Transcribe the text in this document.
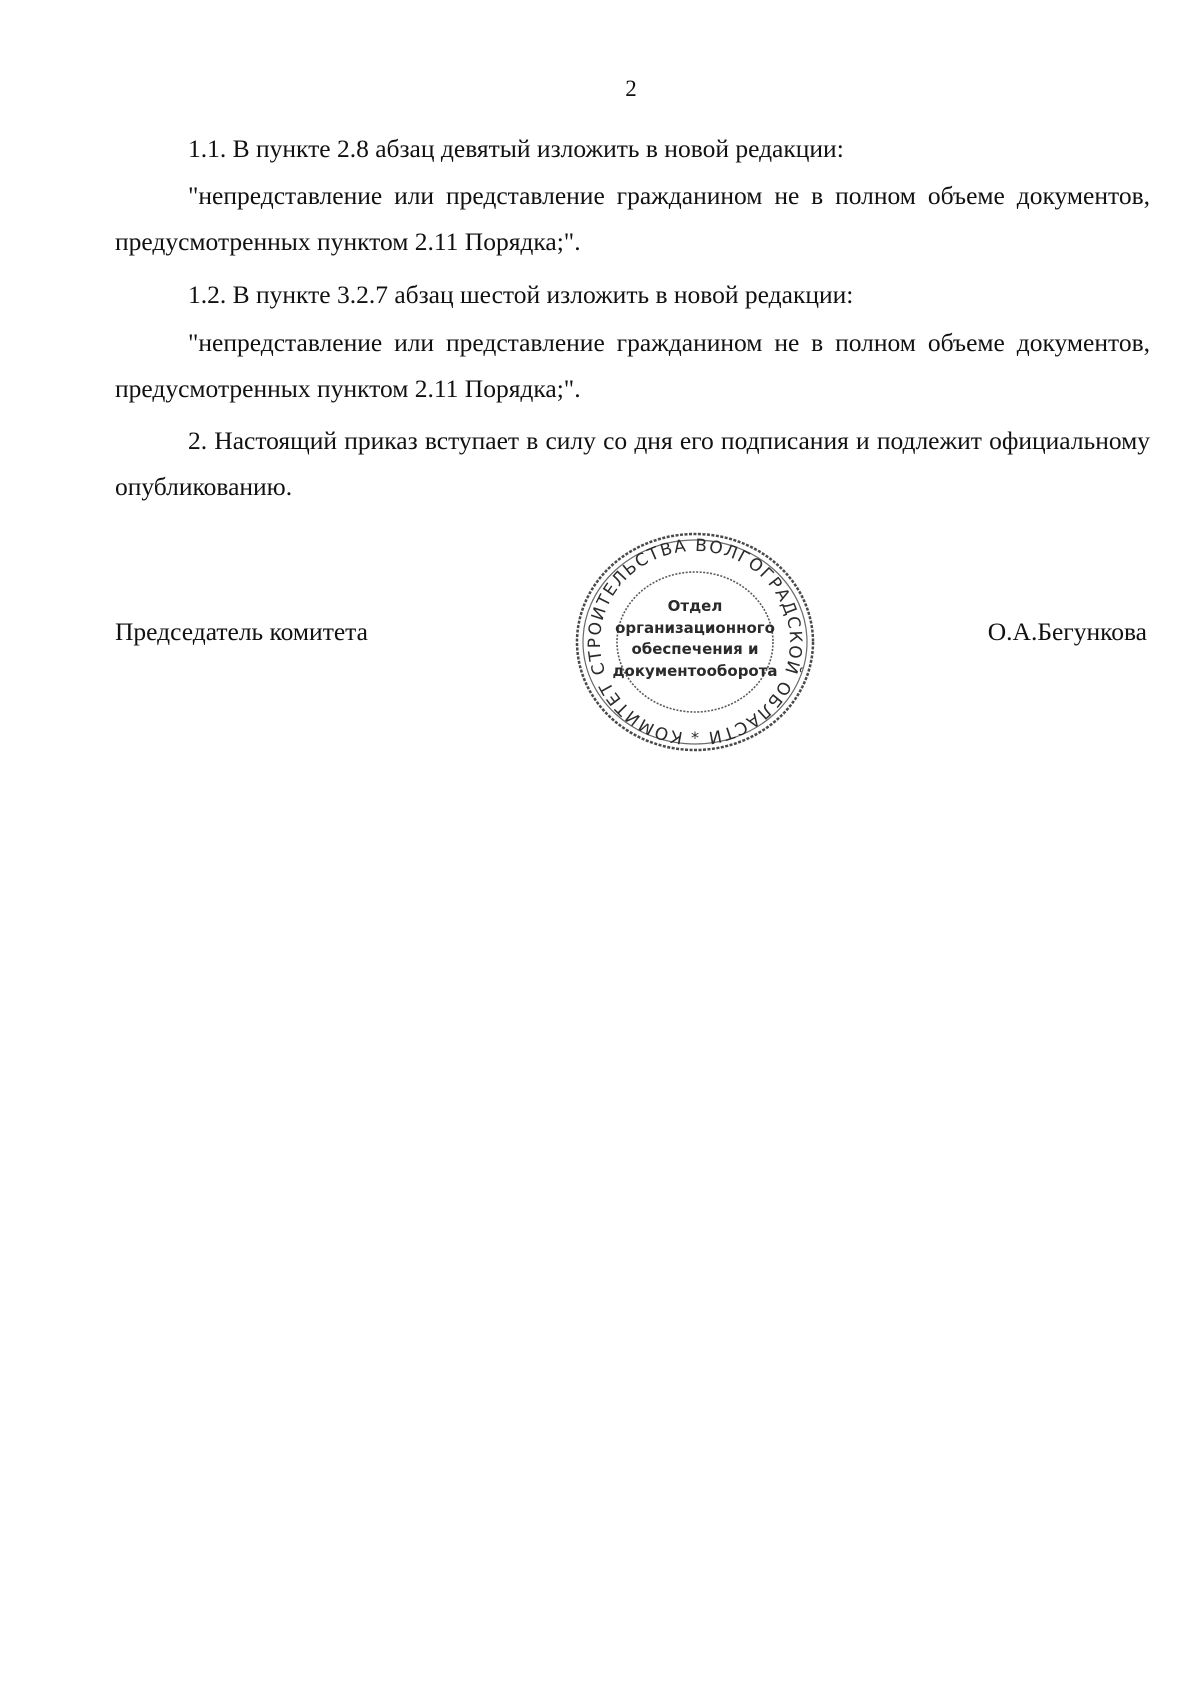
2

1.1. В пункте 2.8 абзац девятый изложить в новой редакции:

"непредставление или представление гражданином не в полном объеме документов, предусмотренных пунктом 2.11 Порядка;".

1.2. В пункте 3.2.7 абзац шестой изложить в новой редакции:

"непредставление или представление гражданином не в полном объеме документов, предусмотренных пунктом 2.11 Порядка;".

2. Настоящий приказ вступает в силу со дня его подписания и подлежит официальному опубликованию.

Председатель комитета	О.А.Бегункова
КОМИТЕТ СТРОИТЕЛЬСТВА ВОЛГОГРАДСКОЙ ОБЛАСТИ
Отдел
организационного
обеспечения и
документооборота
*
